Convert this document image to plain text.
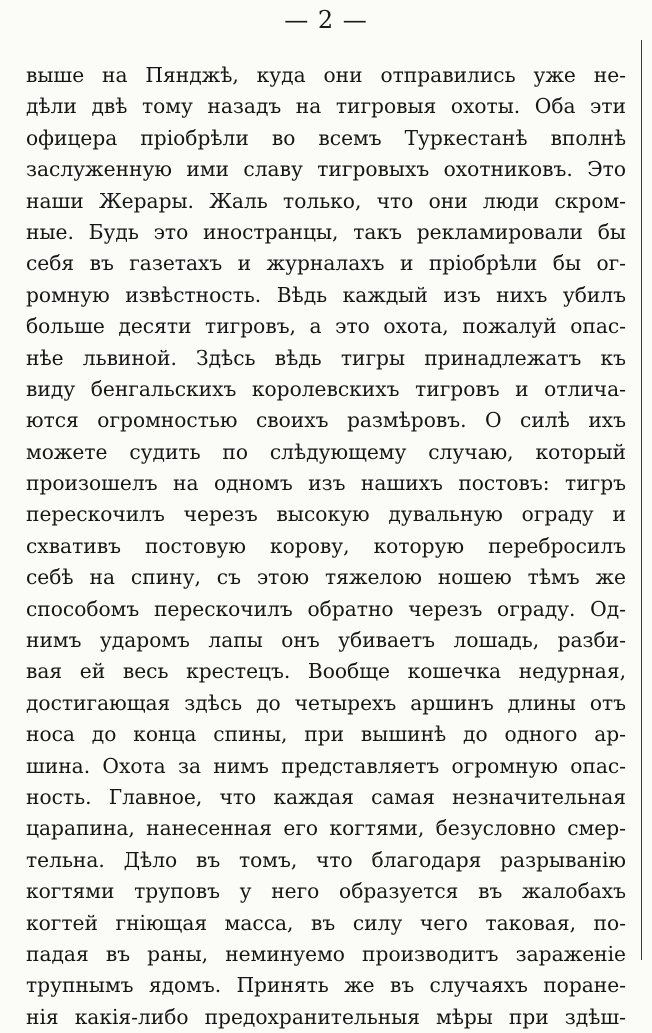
— 2 —
выше на Пянджѣ, куда они отправились уже не-
дѣли двѣ тому назадъ на тигровыя охоты. Оба эти
офицера пріобрѣли во всемъ Туркестанѣ вполнѣ
заслуженную ими славу тигровыхъ охотниковъ. Это
наши Жерары. Жаль только, что они люди скром-
ные. Будь это иностранцы, такъ рекламировали бы
себя въ газетахъ и журналахъ и пріобрѣли бы ог-
ромную извѣстность. Вѣдь каждый изъ нихъ убилъ
больше десяти тигровъ, а это охота, пожалуй опас-
нѣе львиной. Здѣсь вѣдь тигры принадлежатъ къ
виду бенгальскихъ королевскихъ тигровъ и отлича-
ются огромностью своихъ размѣровъ. О силѣ ихъ
можете судить по слѣдующему случаю, который
произошелъ на одномъ изъ нашихъ постовъ: тигръ
перескочилъ черезъ высокую дувальную ограду и
схвативъ постовую корову, которую перебросилъ
себѣ на спину, съ этою тяжелою ношею тѣмъ же
способомъ перескочилъ обратно черезъ ограду. Од-
нимъ ударомъ лапы онъ убиваетъ лошадь, разби-
вая ей весь крестецъ. Вообще кошечка недурная,
достигающая здѣсь до четырехъ аршинъ длины отъ
носа до конца спины, при вышинѣ до одного ар-
шина. Охота за нимъ представляетъ огромную опас-
ность. Главное, что каждая самая незначительная
царапина, нанесенная его когтями, безусловно смер-
тельна. Дѣло въ томъ, что благодаря разрыванію
когтями труповъ у него образуется въ жалобахъ
когтей гніющая масса, въ силу чего таковая, по-
падая въ раны, неминуемо производитъ зараженіе
трупнымъ ядомъ. Принять же въ случаяхъ поране-
нія какія-либо предохранительныя мѣры при здѣш-
